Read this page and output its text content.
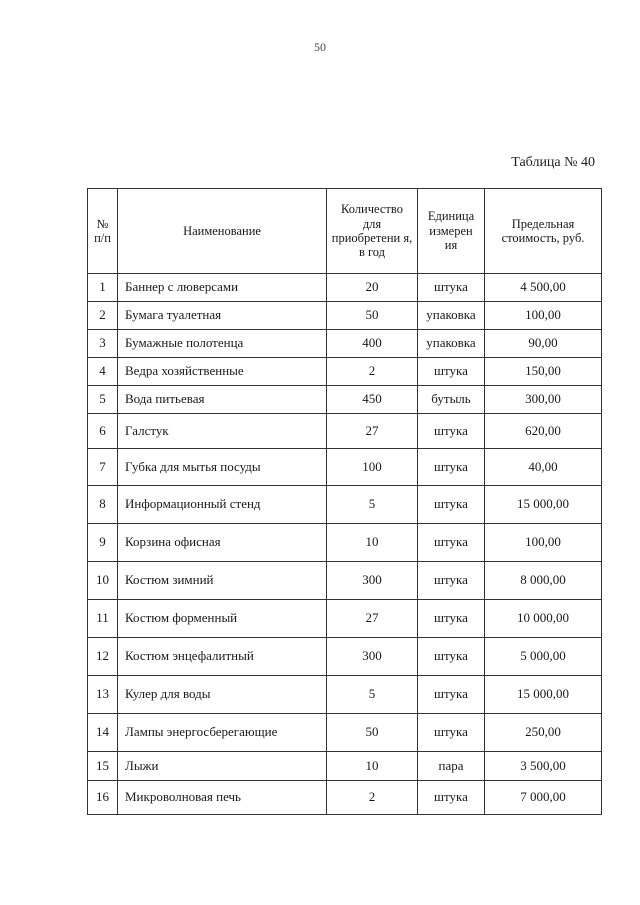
50
Таблица № 40
№ п/п	Наименование	Количество для приобретени я, в год	Единица измерен ия	Предельная стоимость, руб.
1	Баннер с люверсами	20	штука	4 500,00
2	Бумага туалетная	50	упаковка	100,00
3	Бумажные полотенца	400	упаковка	90,00
4	Ведра хозяйственные	2	штука	150,00
5	Вода питьевая	450	бутыль	300,00
6	Галстук	27	штука	620,00
7	Губка для мытья посуды	100	штука	40,00
8	Информационный стенд	5	штука	15 000,00
9	Корзина офисная	10	штука	100,00
10	Костюм зимний	300	штука	8 000,00
11	Костюм форменный	27	штука	10 000,00
12	Костюм энцефалитный	300	штука	5 000,00
13	Кулер для воды	5	штука	15 000,00
14	Лампы энергосберегающие	50	штука	250,00
15	Лыжи	10	пара	3 500,00
16	Микроволновая печь	2	штука	7 000,00
